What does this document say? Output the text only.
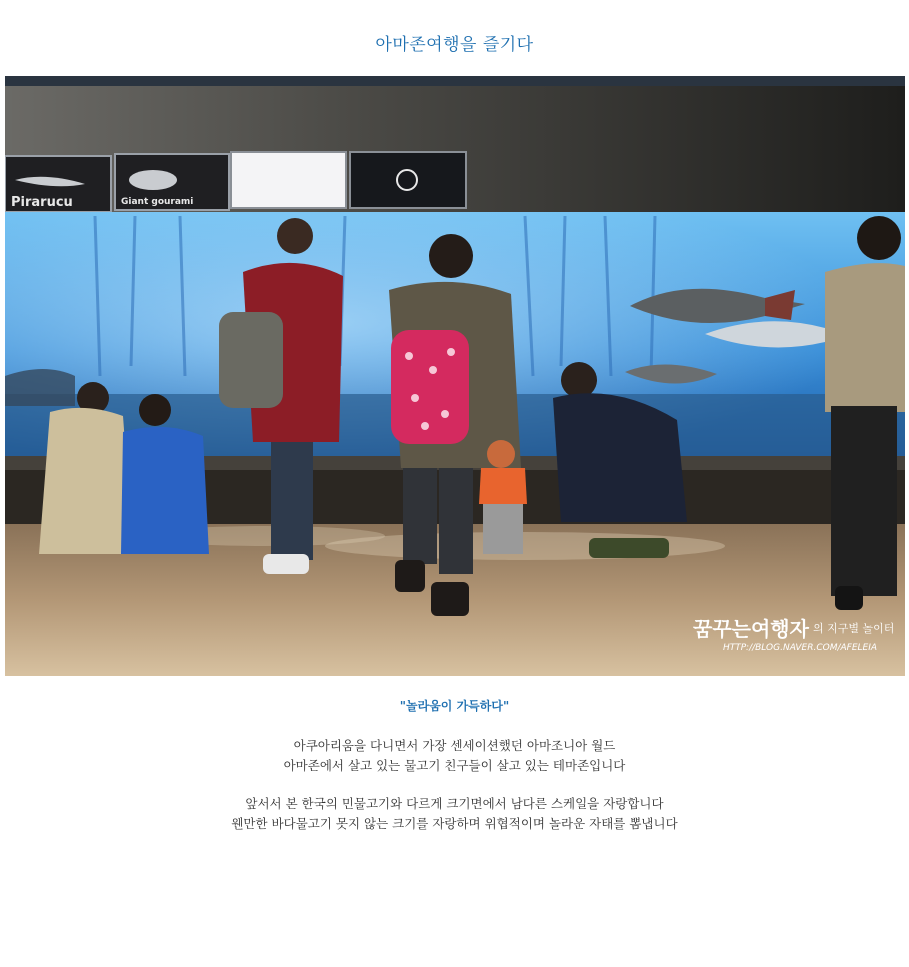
아마존여행을 즐기다
Pirarucu	Giant gourami
꿈꾸는여행자 의 지구별 놀이터
HTTP://BLOG.NAVER.COM/AFELEIA
"놀라움이 가득하다"
아쿠아리움을 다니면서 가장 센세이션했던 아마조니아 월드
아마존에서 살고 있는 물고기 친구들이 살고 있는 테마존입니다
앞서서 본 한국의 민물고기와 다르게 크기면에서 남다른 스케일을 자랑합니다
웬만한 바다물고기 못지 않는 크기를 자랑하며 위협적이며 놀라운 자태를 뽐냅니다
